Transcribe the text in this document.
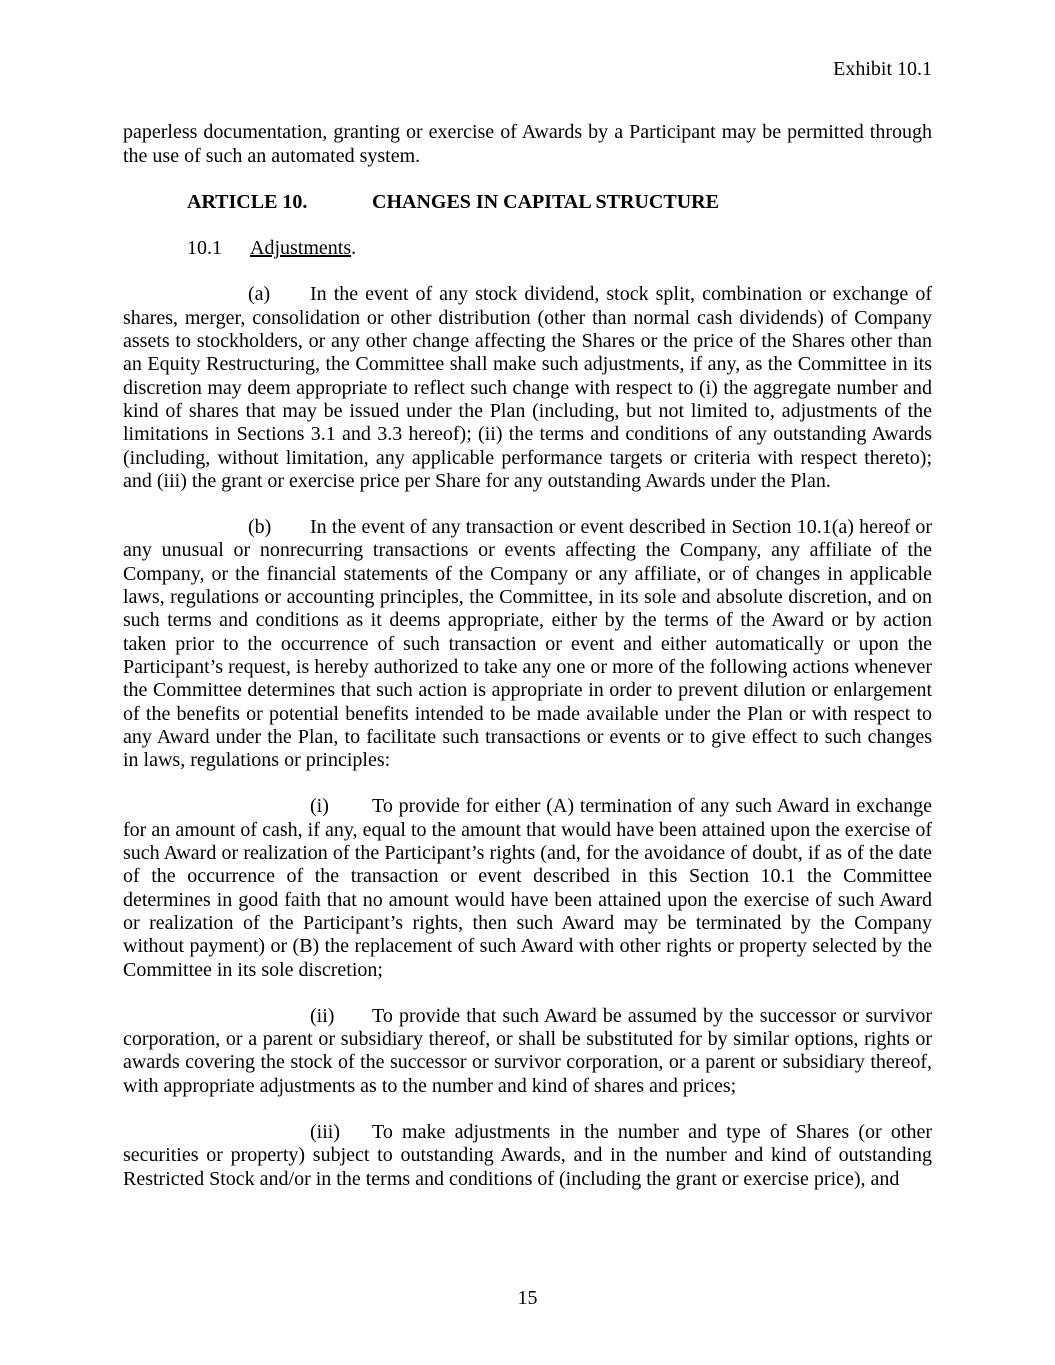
Exhibit 10.1

paperless documentation, granting or exercise of Awards by a Participant may be permitted through the use of such an automated system.

ARTICLE 10.	CHANGES IN CAPITAL STRUCTURE
10.1 Adjustments.

(a) In the event of any stock dividend, stock split, combination or exchange of shares, merger, consolidation or other distribution (other than normal cash dividends) of Company assets to stockholders, or any other change affecting the Shares or the price of the Shares other than an Equity Restructuring, the Committee shall make such adjustments, if any, as the Committee in its discretion may deem appropriate to reflect such change with respect to (i) the aggregate number and kind of shares that may be issued under the Plan (including, but not limited to, adjustments of the limitations in Sections 3.1 and 3.3 hereof); (ii) the terms and conditions of any outstanding Awards (including, without limitation, any applicable performance targets or criteria with respect thereto); and (iii) the grant or exercise price per Share for any outstanding Awards under the Plan.

(b) In the event of any transaction or event described in Section 10.1(a) hereof or any unusual or nonrecurring transactions or events affecting the Company, any affiliate of the Company, or the financial statements of the Company or any affiliate, or of changes in applicable laws, regulations or accounting principles, the Committee, in its sole and absolute discretion, and on such terms and conditions as it deems appropriate, either by the terms of the Award or by action taken prior to the occurrence of such transaction or event and either automatically or upon the Participant’s request, is hereby authorized to take any one or more of the following actions whenever the Committee determines that such action is appropriate in order to prevent dilution or enlargement of the benefits or potential benefits intended to be made available under the Plan or with respect to any Award under the Plan, to facilitate such transactions or events or to give effect to such changes in laws, regulations or principles:

(i) To provide for either (A) termination of any such Award in exchange for an amount of cash, if any, equal to the amount that would have been attained upon the exercise of such Award or realization of the Participant’s rights (and, for the avoidance of doubt, if as of the date of the occurrence of the transaction or event described in this Section 10.1 the Committee determines in good faith that no amount would have been attained upon the exercise of such Award or realization of the Participant’s rights, then such Award may be terminated by the Company without payment) or (B) the replacement of such Award with other rights or property selected by the Committee in its sole discretion;

(ii) To provide that such Award be assumed by the successor or survivor corporation, or a parent or subsidiary thereof, or shall be substituted for by similar options, rights or awards covering the stock of the successor or survivor corporation, or a parent or subsidiary thereof, with appropriate adjustments as to the number and kind of shares and prices;

(iii) To make adjustments in the number and type of Shares (or other securities or property) subject to outstanding Awards, and in the number and kind of outstanding Restricted Stock and/or in the terms and conditions of (including the grant or exercise price), and

15
